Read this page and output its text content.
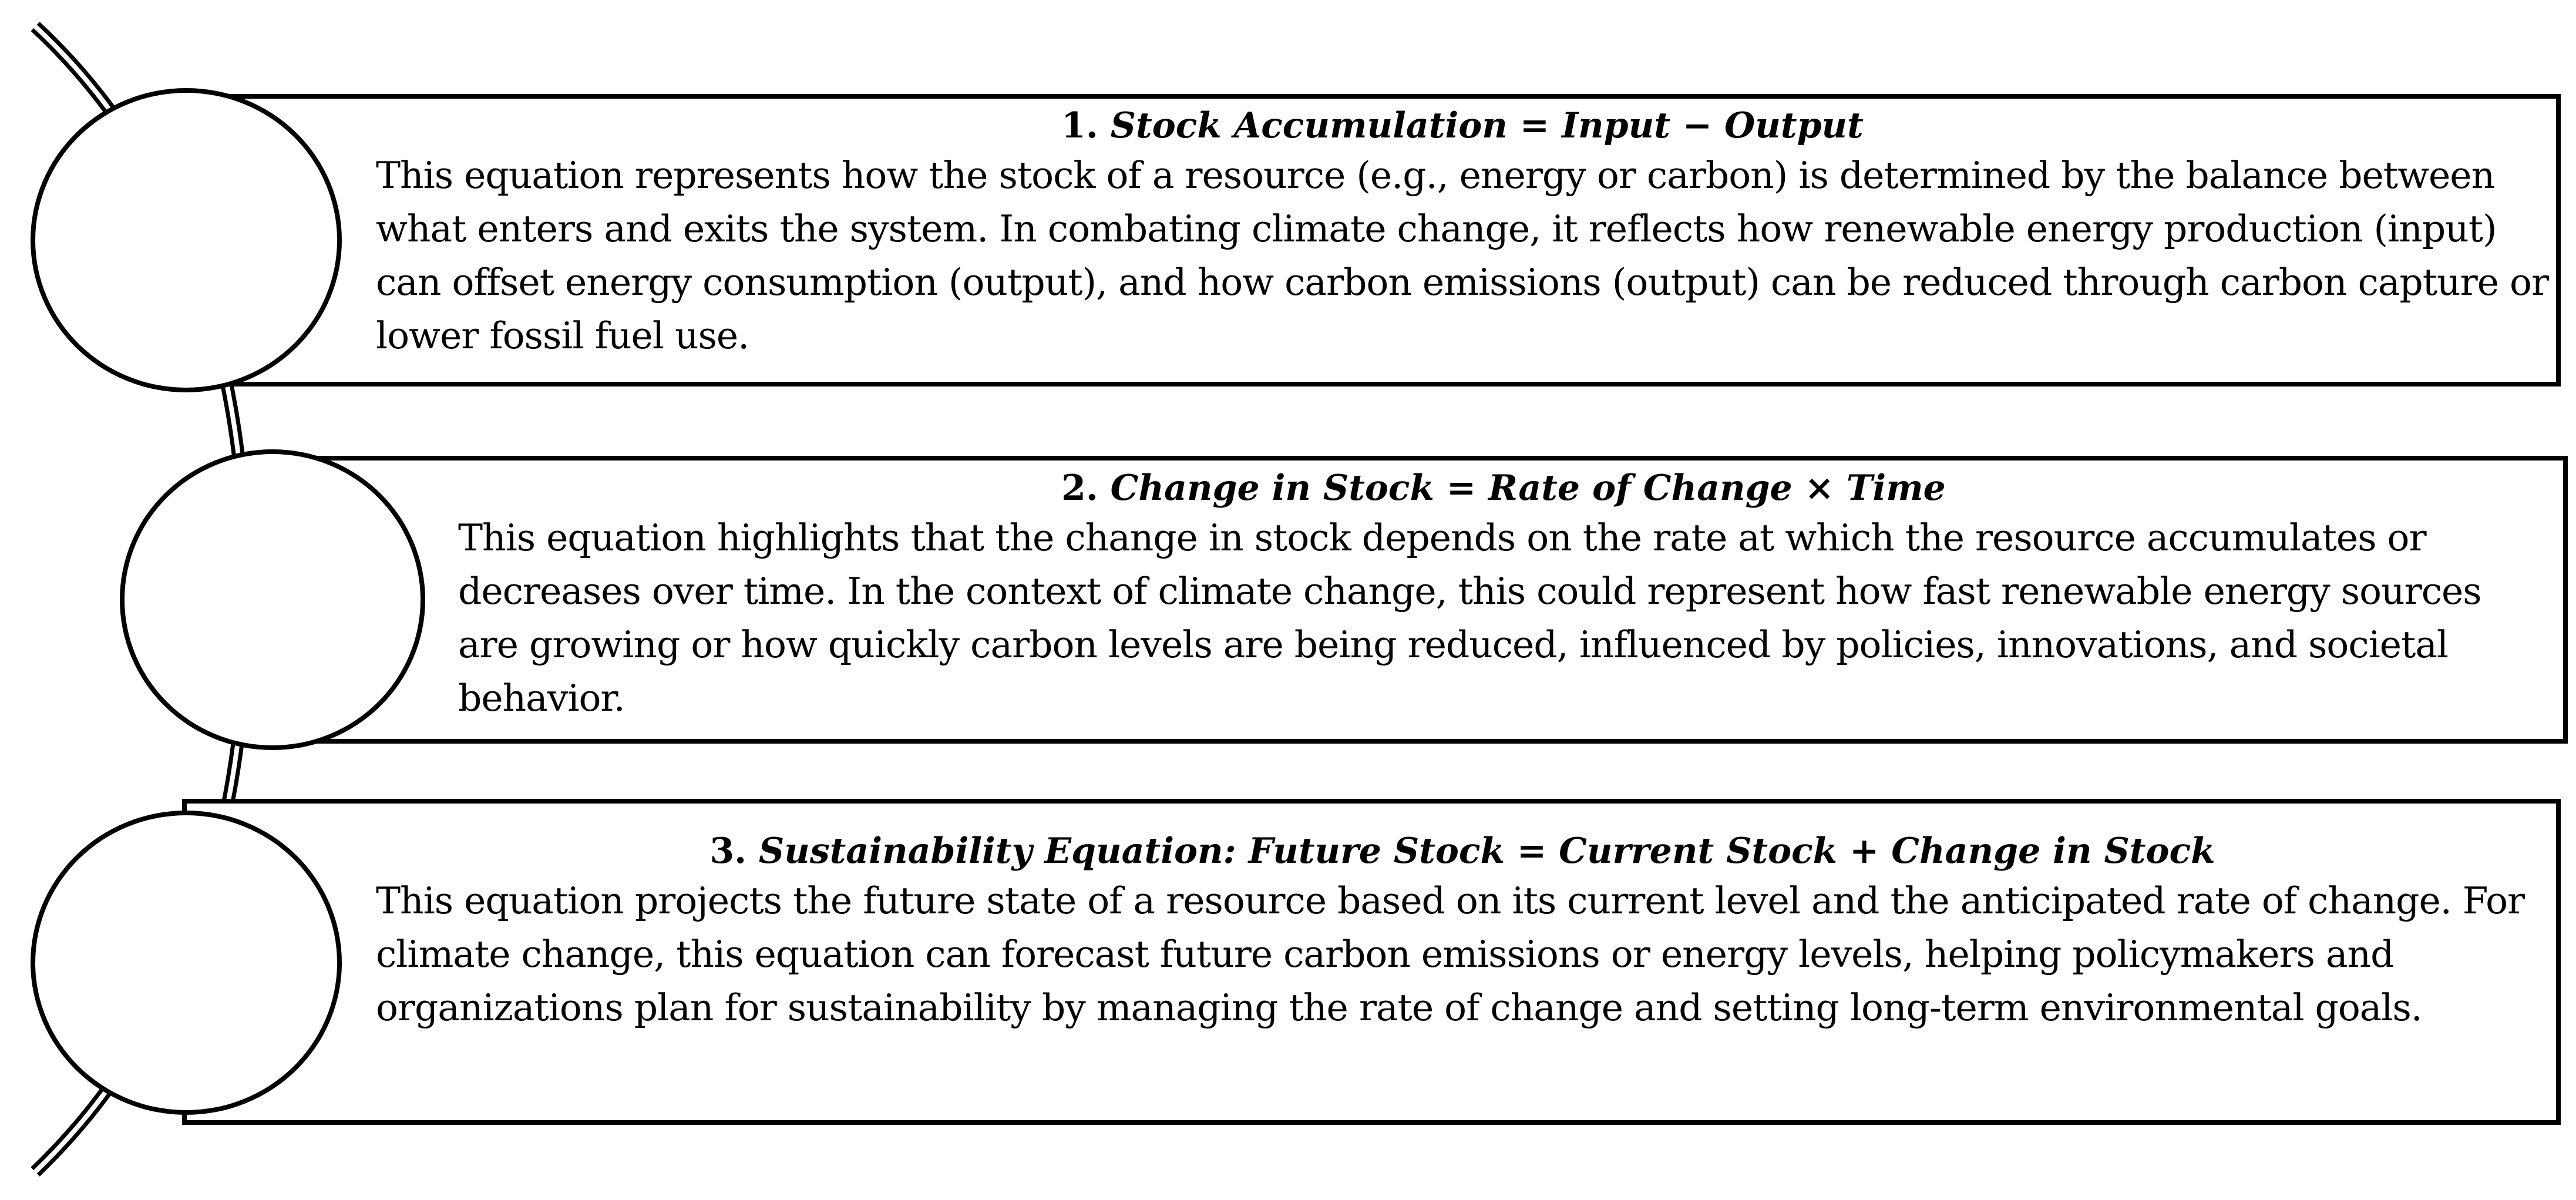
1. Stock Accumulation = Input − Output
This equation represents how the stock of a resource (e.g., energy or carbon) is determined by the balance between what enters and exits the system. In combating climate change, it reflects how renewable energy production (input) can offset energy consumption (output), and how carbon emissions (output) can be reduced through carbon capture or lower fossil fuel use.
2. Change in Stock = Rate of Change × Time
This equation highlights that the change in stock depends on the rate at which the resource accumulates or decreases over time. In the context of climate change, this could represent how fast renewable energy sources are growing or how quickly carbon levels are being reduced, influenced by policies, innovations, and societal behavior.
3. Sustainability Equation: Future Stock = Current Stock + Change in Stock
This equation projects the future state of a resource based on its current level and the anticipated rate of change. For climate change, this equation can forecast future carbon emissions or energy levels, helping policymakers and organizations plan for sustainability by managing the rate of change and setting long-term environmental goals.
